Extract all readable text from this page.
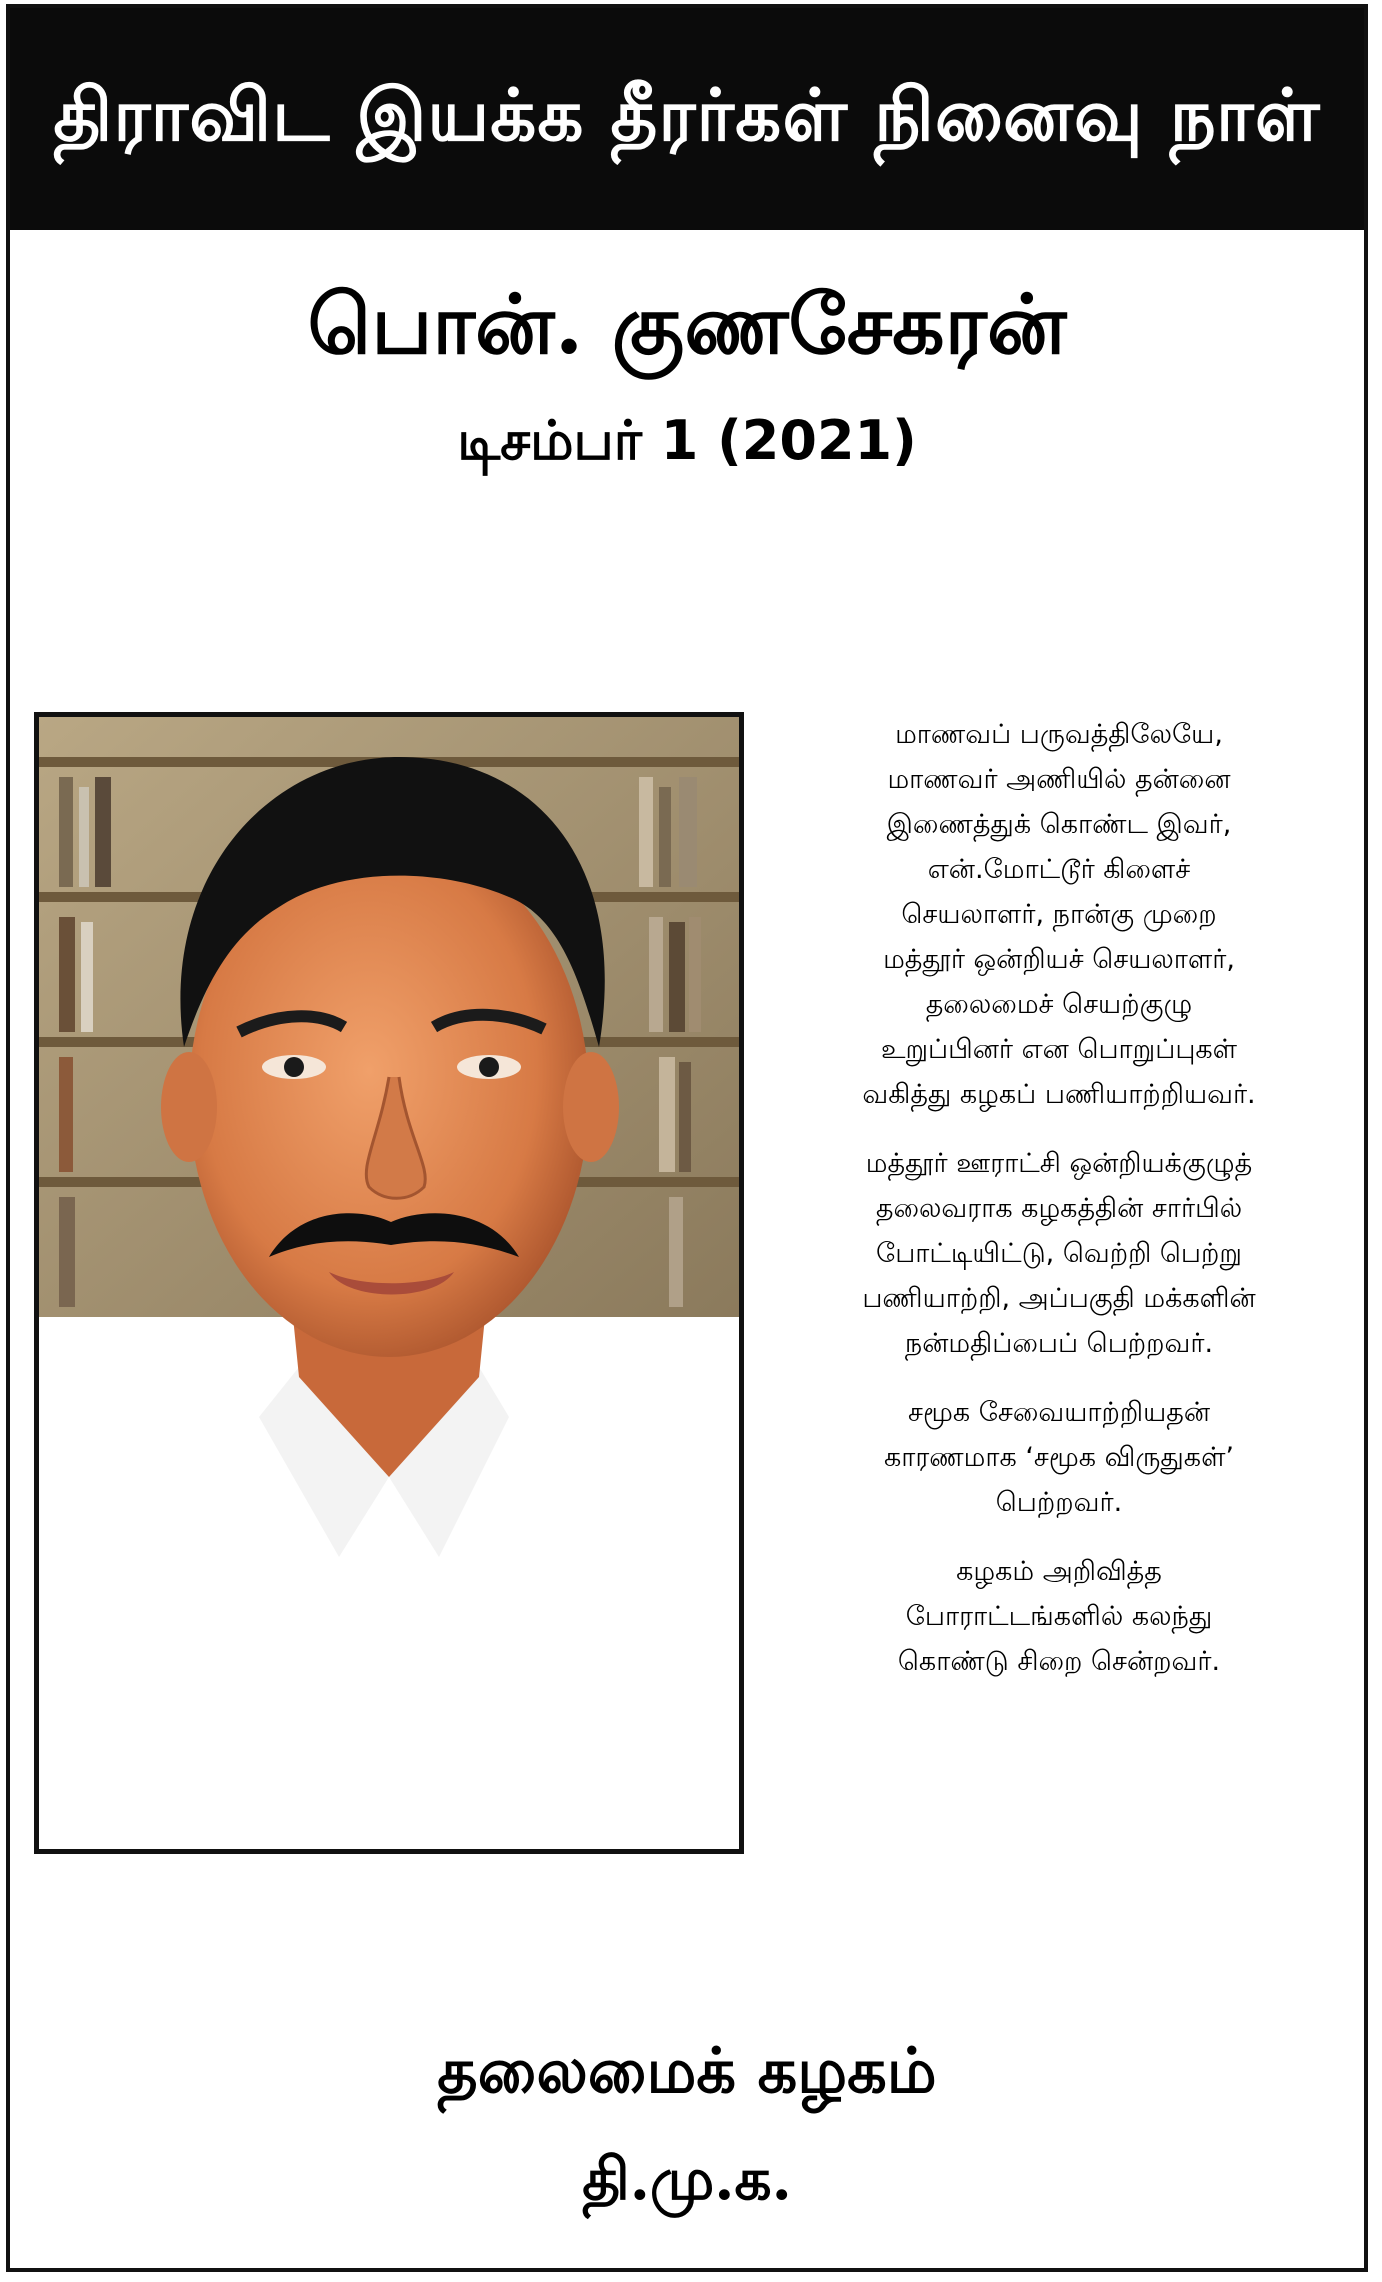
திராவிட இயக்க தீரர்கள் நினைவு நாள்
பொன். குணசேகரன்
டிசம்பர் 1 (2021)

மாணவப் பருவத்திலேயே,
மாணவர் அணியில் தன்னை
இணைத்துக் கொண்ட இவர்,
என்.மோட்டூர் கிளைச்
செயலாளர், நான்கு முறை
மத்தூர் ஒன்றியச் செயலாளர்,
தலைமைச் செயற்குழு
உறுப்பினர் என பொறுப்புகள்
வகித்து கழகப் பணியாற்றியவர்.

மத்தூர் ஊராட்சி ஒன்றியக்குழுத்
தலைவராக கழகத்தின் சார்பில்
போட்டியிட்டு, வெற்றி பெற்று
பணியாற்றி, அப்பகுதி மக்களின்
நன்மதிப்பைப் பெற்றவர்.

சமூக சேவையாற்றியதன்
காரணமாக ‘சமூக விருதுகள்’
பெற்றவர்.

கழகம் அறிவித்த
போராட்டங்களில் கலந்து
கொண்டு சிறை சென்றவர்.

தலைமைக் கழகம்
தி.மு.க.
